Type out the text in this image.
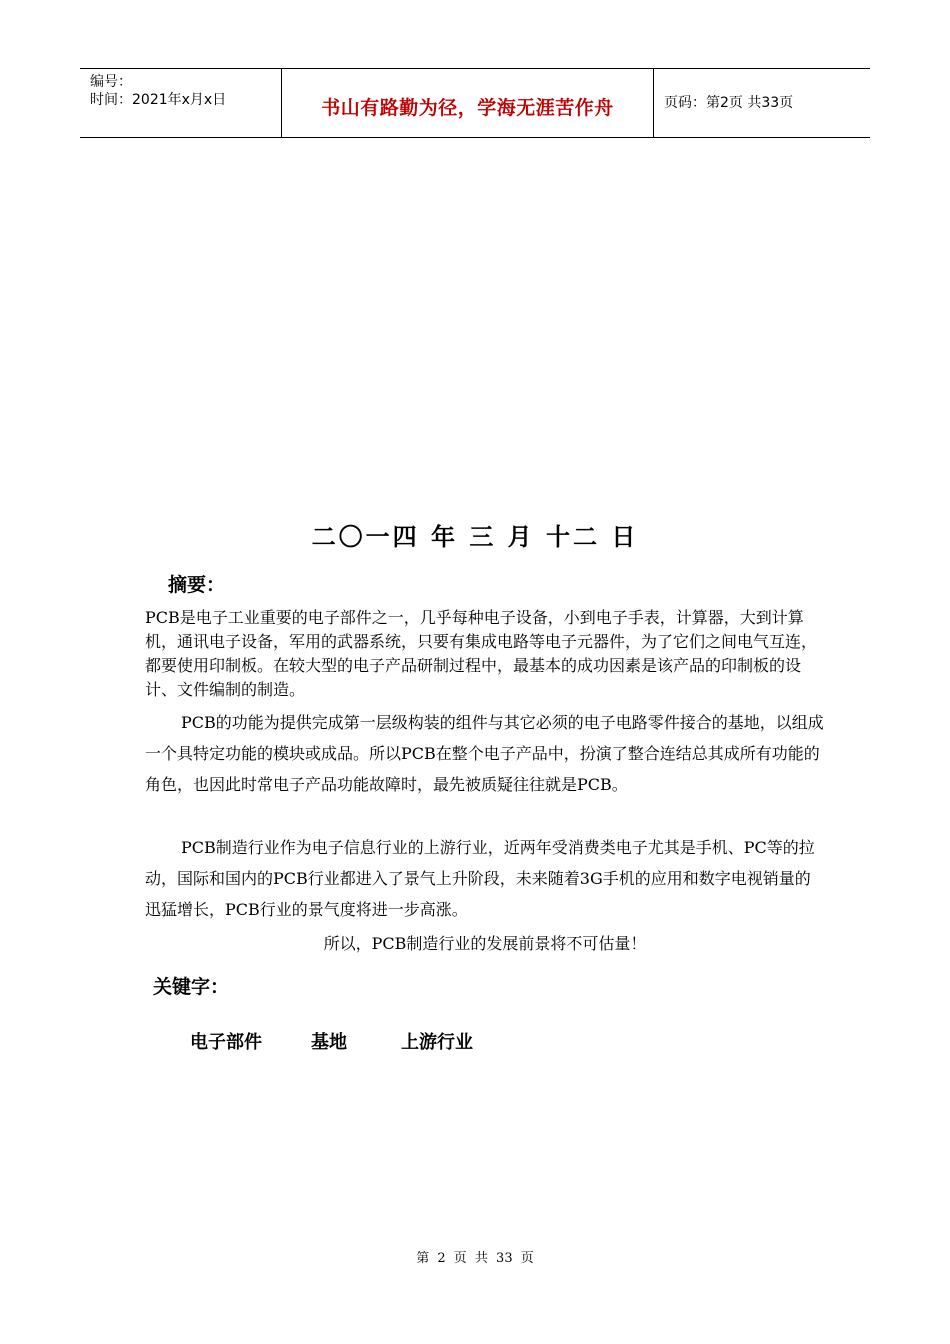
编号：
时间：2021年x月x日	书山有路勤为径，学海无涯苦作舟	页码：第2页 共33页
二〇一四 年 三 月 十二 日
摘要：
PCB是电子工业重要的电子部件之一，几乎每种电子设备，小到电子手表，计算器，大到计算机，通讯电子设备，军用的武器系统，只要有集成电路等电子元器件，为了它们之间电气互连，都要使用印制板。在较大型的电子产品研制过程中，最基本的成功因素是该产品的印制板的设计、文件编制的制造。
PCB的功能为提供完成第一层级构装的组件与其它必须的电子电路零件接合的基地，以组成一个具特定功能的模块或成品。所以PCB在整个电子产品中，扮演了整合连结总其成所有功能的角色，也因此时常电子产品功能故障时，最先被质疑往往就是PCB。
PCB制造行业作为电子信息行业的上游行业，近两年受消费类电子尤其是手机、PC等的拉动，国际和国内的PCB行业都进入了景气上升阶段，未来随着3G手机的应用和数字电视销量的迅猛增长，PCB行业的景气度将进一步高涨。
所以，PCB制造行业的发展前景将不可估量！
关键字：
电子部件	基地	上游行业
第 2 页 共 33 页
